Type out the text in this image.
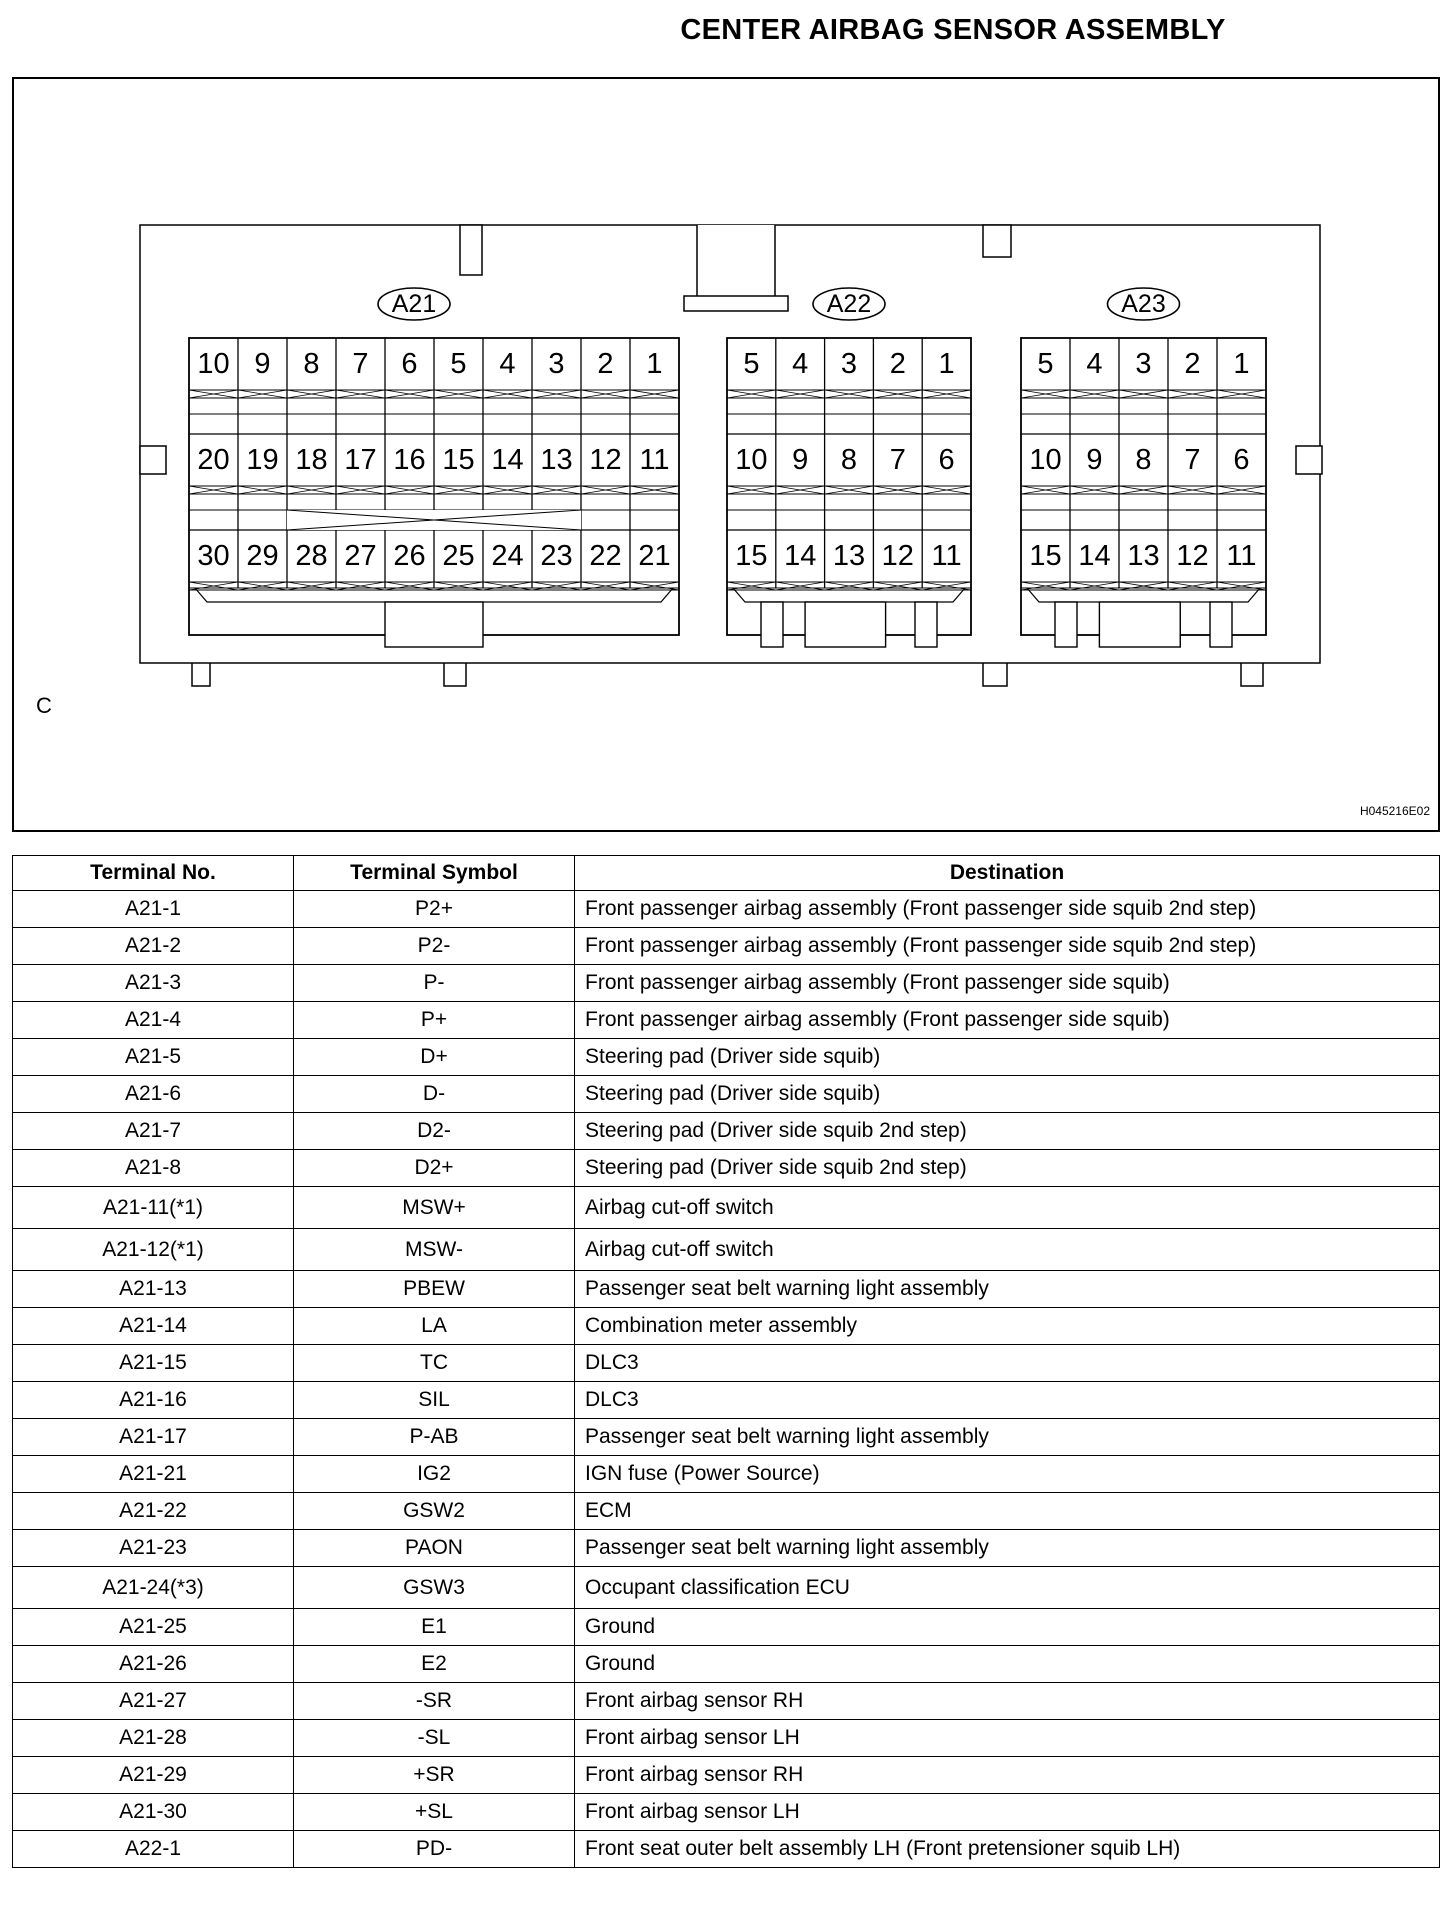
CENTER AIRBAG SENSOR ASSEMBLY
A21
10 9 8 7 6 5 4 3 2 1
20 19 18 17 16 15 14 13 12 11
30 29 28 27 26 25 24 23 22 21
A22
5 4 3 2 1
10 9 8 7 6
15 14 13 12 11
A23
5 4 3 2 1
10 9 8 7 6
15 14 13 12 11
C
H045216E02
Terminal No.	Terminal Symbol	Destination
A21-1	P2+	Front passenger airbag assembly (Front passenger side squib 2nd step)
A21-2	P2-	Front passenger airbag assembly (Front passenger side squib 2nd step)
A21-3	P-	Front passenger airbag assembly (Front passenger side squib)
A21-4	P+	Front passenger airbag assembly (Front passenger side squib)
A21-5	D+	Steering pad (Driver side squib)
A21-6	D-	Steering pad (Driver side squib)
A21-7	D2-	Steering pad (Driver side squib 2nd step)
A21-8	D2+	Steering pad (Driver side squib 2nd step)
A21-11(*1)	MSW+	Airbag cut-off switch
A21-12(*1)	MSW-	Airbag cut-off switch
A21-13	PBEW	Passenger seat belt warning light assembly
A21-14	LA	Combination meter assembly
A21-15	TC	DLC3
A21-16	SIL	DLC3
A21-17	P-AB	Passenger seat belt warning light assembly
A21-21	IG2	IGN fuse (Power Source)
A21-22	GSW2	ECM
A21-23	PAON	Passenger seat belt warning light assembly
A21-24(*3)	GSW3	Occupant classification ECU
A21-25	E1	Ground
A21-26	E2	Ground
A21-27	-SR	Front airbag sensor RH
A21-28	-SL	Front airbag sensor LH
A21-29	+SR	Front airbag sensor RH
A21-30	+SL	Front airbag sensor LH
A22-1	PD-	Front seat outer belt assembly LH (Front pretensioner squib LH)
